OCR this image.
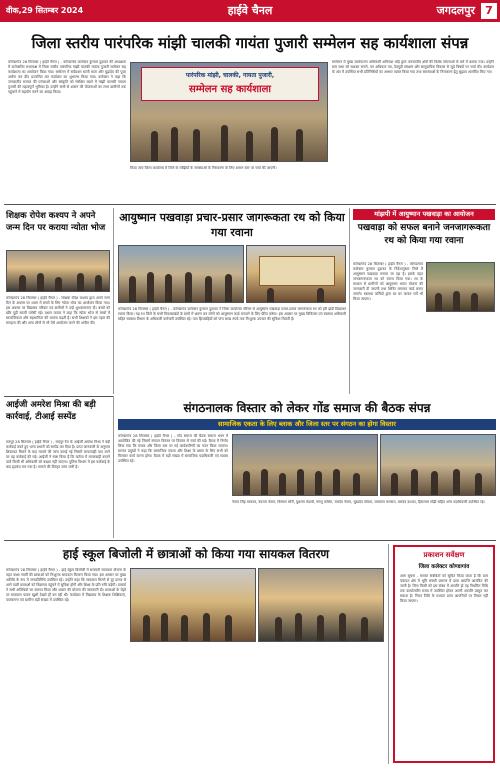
वीक,29 सितम्बर 2024	हाईवे चैनल	जगदलपुर 7
जिला स्तरीय पारंपरिक मांझी चालकी गायंता पुजारी सम्मेलन सह कार्यशाला संपन्न
कोण्डागांव 28 सितम्बर ( हाईवे चैनल ) - कोण्डागांव कलेक्टर कुणाल दुदावत की अध्यक्षता में कलेक्टोरेट सभाकक्ष में जिला स्तरीय पारंपरिक मांझी चालकी गायंता पुजारी सम्मेलन सह कार्यशाला का आयोजन किया गया। सम्मेलन में सर्वप्रथम धरती माता और बूढ़ादेव की पूजा अर्चना कर दीप प्रज्वलित कर कार्यक्रम का शुभारंभ किया गया। कलेक्टर ने कहा कि जनजातीय समाज की परंपराओं और संस्कृति को संरक्षित रखने में मांझी चालकी गायता पुजारी की महत्वपूर्ण भूमिका है। उन्होंने सभी से शासन की योजनाओं का लाभ ग्रामीणों तक पहुंचाने में सहयोग करने का आग्रह किया।
पारंपरिक मांझी, चालकी, गायता पुजारी,
सम्मेलन सह कार्यशाला
किया जाएं जिला कार्यालय में जिले के मांझियों के समस्याओं के निराकरण के लिए शासन स्तर पर चर्चा की जाएगी।
सम्मेलन में मुख्य कार्यपालन अधिकारी अविनाश भोई द्वारा जनजातीय क्षेत्रों की विशेष परंपराओं के बारे में बताया गया। उन्होंने ग्राम सभा को सशक्त बनाने, वन अधिकार पत्र, देवगुड़ी संरक्षण और सामुदायिक विकास से जुड़े विषयों पर चर्चा की। कार्यक्रम के अंत में उपस्थित सभी प्रतिनिधियों का आभार व्यक्त किया गया तथा समस्याओं के निराकरण हेतु सुझाव आमंत्रित किए गए।
शिक्षक रोपेश कश्यप ने अपने जन्म दिन पर कराया न्योता भोज
कोण्डागांव 28 सितम्बर ( हाईवे चैनल ) - शिक्षक रोपेश कश्यप द्वारा अपने जन्म दिन के अवसर पर शाला में बच्चों के लिए न्योता भोज का आयोजन किया गया। इस अवसर पर विद्यालय परिवार एवं ग्रामीणों ने उन्हें शुभकामनाएं दी। बच्चों को खीर पूड़ी सब्जी परोसी गई। प्रधान पाठक ने कहा कि न्योता भोज से बच्चों में सामाजिकता और सहभागिता की भावना बढ़ती है। सभी शिक्षकों ने इस पहल की सराहना की और अन्य लोगों से भी ऐसे आयोजन करने की अपील की।
आयुष्मान पखवाड़ा प्रचार-प्रसार जागरूकता रथ को किया गया रवाना
कोण्डागांव 28 सितम्बर ( हाईवे चैनल ) - कोण्डागांव कलेक्टर कुणाल दुदावत ने जिला कार्यालय परिसर से आयुष्मान पखवाड़ा प्रचार-प्रसार जागरूकता रथ को हरी झंडी दिखाकर रवाना किया। यह रथ जिले के सभी विकासखंडों के ग्रामों में भ्रमण कर लोगों को आयुष्मान कार्ड बनवाने के लिए प्रेरित करेगा। इस अवसर पर मुख्य चिकित्सा एवं स्वास्थ्य अधिकारी सहित स्वास्थ्य विभाग के अधिकारी कर्मचारी उपस्थित रहे। पात्र हितग्राहियों को पांच लाख रुपये तक निःशुल्क उपचार की सुविधा मिलती है।
मांझपी में आयुष्मान पखवाड़ा का आयोजन
पखवाड़ा को सफल बनाने जनजागरूकता रथ को किया गया रवाना
कोण्डागांव 28 सितम्बर ( हाईवे चैनल ) - कोण्डागांव कलेक्टर कुणाल दुदावत के निर्देशानुसार जिले में आयुष्मान पखवाड़ा मनाया जा रहा है। इसके तहत जनजागरूकता रथ को रवाना किया गया। रथ के माध्यम से ग्रामीणों को आयुष्मान भारत योजना की जानकारी दी जाएगी तथा शिविर लगाकर कार्ड बनाए जाएंगे। स्वास्थ्य कर्मियों द्वारा घर घर जाकर सर्वे भी किया जाएगा।
आईजी अमरेश मिश्रा की बड़ी कार्रवाई, टीआई सस्पेंड
रायपुर 28 सितम्बर ( हाईवे चैनल ) - रायपुर रेंज के आईजी अमरेश मिश्रा ने बड़ी कार्रवाई करते हुए थाना प्रभारी को सस्पेंड कर दिया है। प्राप्त जानकारी के अनुसार शिकायत मिलने के बाद मामले की जांच कराई गई जिसमें लापरवाही पाए जाने पर यह कार्रवाई की गई। आईजी ने स्पष्ट किया है कि कर्तव्य में लापरवाही बरतने वाले किसी भी अधिकारी को बख्शा नहीं जाएगा। पुलिस विभाग में इस कार्रवाई के बाद हड़कंप मच गया है। मामले की विस्तृत जांच जारी है।
संगठनालक विस्तार को लेकर गोंड समाज की बैठक संपन्न
सामाजिक एकता के लिए ब्लाक और जिला स्तर पर संगठन का होगा विस्तार
कोण्डागांव 28 सितम्बर ( हाईवे चैनल ) - गोंड समाज की बैठक समाज भवन में आयोजित की गई जिसमें संगठन विस्तार पर विस्तार से चर्चा की गई। बैठक में निर्णय लिया गया कि ब्लाक और जिला स्तर पर नई कार्यकारिणी का गठन किया जाएगा। समाज प्रमुखों ने कहा कि सामाजिक एकता और शिक्षा के प्रसार के लिए सभी को मिलकर कार्य करना होगा। बैठक में बड़ी संख्या में सामाजिक पदाधिकारी एवं सदस्य उपस्थित रहे।
नेताम सिंह मरकाम, वेदराम नेताम, बिसंभर सोरी, बुधराम मंडावी, मंगलू कोर्राम, रामदेव नेताम, सुखदेव पोयाम, जयलाल मरकाम, बलदेव कश्यप, हिरालाल सोढ़ी सहित अन्य पदाधिकारी उपस्थित रहे।
हाई स्कूल बिजोली में छात्राओं को किया गया सायकल वितरण
कोण्डागांव 28 सितम्बर ( हाईवे चैनल ) - हाई स्कूल बिजोली में सरस्वती सायकल योजना के तहत कक्षा नवमीं की छात्राओं को निःशुल्क सायकल वितरण किया गया। इस अवसर पर मुख्य अतिथि के रूप में जनप्रतिनिधि उपस्थित रहे। उन्होंने कहा कि सायकल मिलने से दूर दराज से आने वाली छात्राओं को विद्यालय पहुंचने में सुविधा होगी और शिक्षा के प्रति रुचि बढ़ेगी। प्राचार्य ने सभी अतिथियों का स्वागत किया और शासन की योजना की जानकारी दी। छात्राओं के चेहरे पर सायकल पाकर खुशी देखते ही बन रही थी। कार्यक्रम में विद्यालय के शिक्षक शिक्षिकाएं, पालकगण एवं ग्रामीण बड़ी संख्या में उपस्थित रहे।
प्रकाशन सर्वेक्षण
जिला कलेक्टर कोण्डागांव
आम सूचना - समस्त संबंधितों को सूचित किया जाता है कि ग्राम पंचायत क्षेत्र में भूमि संबंधी प्रकरण में दावा आपत्ति आमंत्रित की जाती है। जिस किसी को इस संबंध में आपत्ति हो वह निर्धारित तिथि तक कार्यालयीन समय में उपस्थित होकर अपनी आपत्ति प्रस्तुत कर सकता है। नियत तिथि के पश्चात प्राप्त आपत्तियों पर विचार नहीं किया जाएगा।
